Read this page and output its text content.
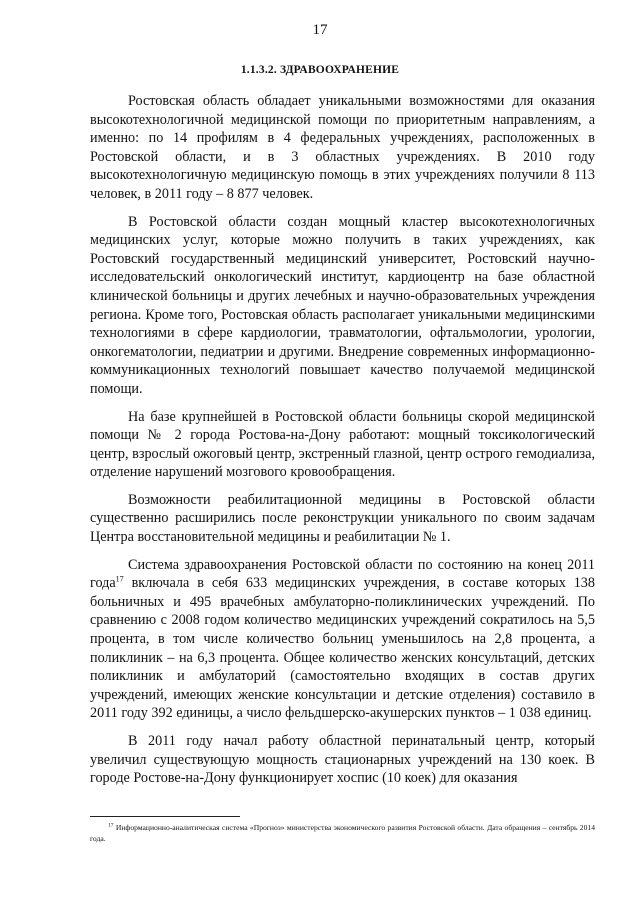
17
1.1.3.2. ЗДРАВООХРАНЕНИЕ

Ростовская область обладает уникальными возможностями для оказания высокотехнологичной медицинской помощи по приоритетным направлениям, а именно: по 14 профилям в 4 федеральных учреждениях, расположенных в Ростовской области, и в 3 областных учреждениях. В 2010 году высокотехнологичную медицинскую помощь в этих учреждениях получили 8 113 человек, в 2011 году – 8 877 человек.

В Ростовской области создан мощный кластер высокотехнологичных медицинских услуг, которые можно получить в таких учреждениях, как Ростовский государственный медицинский университет, Ростовский научно-исследовательский онкологический институт, кардиоцентр на базе областной клинической больницы и других лечебных и научно-образовательных учреждения региона. Кроме того, Ростовская область располагает уникальными медицинскими технологиями в сфере кардиологии, травматологии, офтальмологии, урологии, онкогематологии, педиатрии и другими. Внедрение современных информационно-коммуникационных технологий повышает качество получаемой медицинской помощи.

На базе крупнейшей в Ростовской области больницы скорой медицинской помощи № 2 города Ростова-на-Дону работают: мощный токсикологический центр, взрослый ожоговый центр, экстренный глазной, центр острого гемодиализа, отделение нарушений мозгового кровообращения.

Возможности реабилитационной медицины в Ростовской области существенно расширились после реконструкции уникального по своим задачам Центра восстановительной медицины и реабилитации № 1.

Система здравоохранения Ростовской области по состоянию на конец 2011 года$^{17}$ включала в себя 633 медицинских учреждения, в составе которых 138 больничных и 495 врачебных амбулаторно-поликлинических учреждений. По сравнению с 2008 годом количество медицинских учреждений сократилось на 5,5 процента, в том числе количество больниц уменьшилось на 2,8 процента, а поликлиник – на 6,3 процента. Общее количество женских консультаций, детских поликлиник и амбулаторий (самостоятельно входящих в состав других учреждений, имеющих женские консультации и детские отделения) составило в 2011 году 392 единицы, а число фельдшерско-акушерских пунктов – 1 038 единиц.

В 2011 году начал работу областной перинатальный центр, который увеличил существующую мощность стационарных учреждений на 130 коек. В городе Ростове-на-Дону функционирует хоспис (10 коек) для оказания

$^{17}$ Информационно-аналитическая система «Прогноз» министерства экономического развития Ростовской области. Дата обращения – сентябрь 2014 года.
